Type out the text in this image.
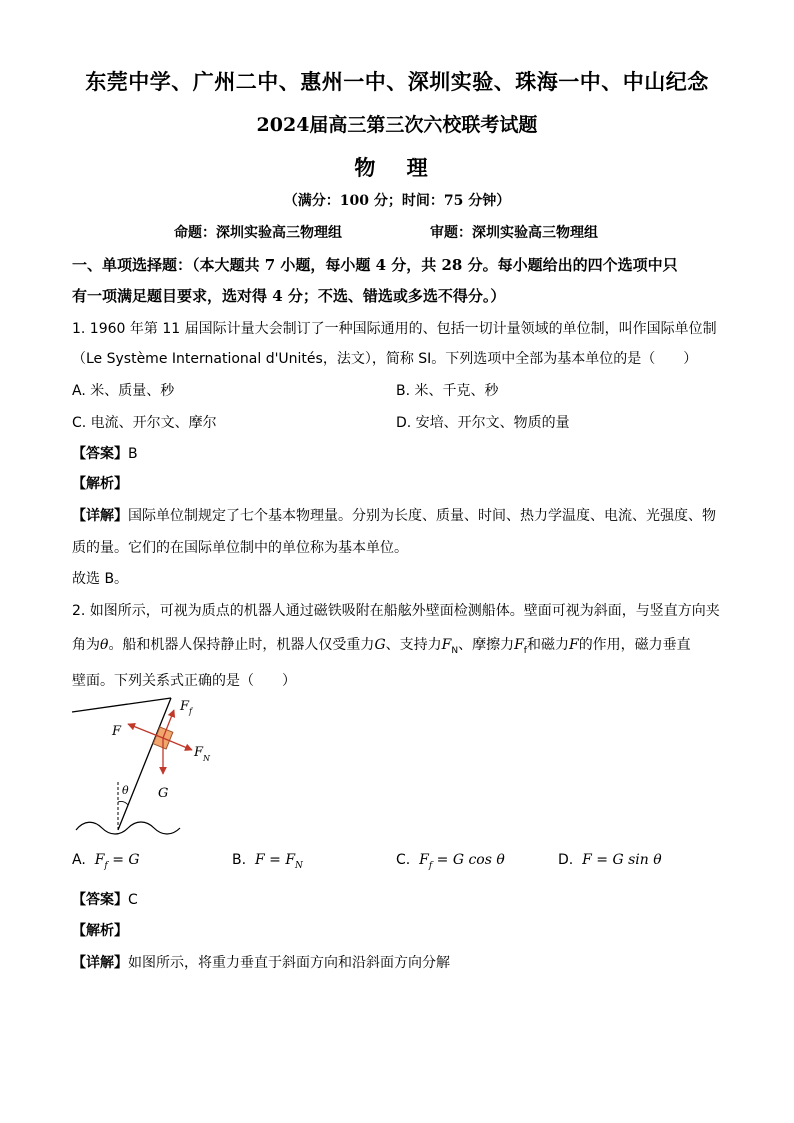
东莞中学、广州二中、惠州一中、深圳实验、珠海一中、中山纪念
2024届高三第三次六校联考试题
物 理
（满分：100 分；时间：75 分钟）
命题：深圳实验高三物理组	审题：深圳实验高三物理组
一、单项选择题：（本大题共 7 小题，每小题 4 分，共 28 分。每小题给出的四个选项中只
有一项满足题目要求，选对得 4 分；不选、错选或多选不得分。）
1. 1960 年第 11 届国际计量大会制订了一种国际通用的、包括一切计量领域的单位制，叫作国际单位制
（Le Système International d'Unités，法文），简称 SI。下列选项中全部为基本单位的是（　　）
A. 米、质量、秒	B. 米、千克、秒
C. 电流、开尔文、摩尔	D. 安培、开尔文、物质的量
【答案】B
【解析】
【详解】国际单位制规定了七个基本物理量。分别为长度、质量、时间、热力学温度、电流、光强度、物
质的量。它们的在国际单位制中的单位称为基本单位。
故选 B。
2. 如图所示，可视为质点的机器人通过磁铁吸附在船舷外壁面检测船体。壁面可视为斜面，与竖直方向夹
角为θ。船和机器人保持静止时，机器人仅受重力G、支持力$F_N$、摩擦力$F_f$和磁力F的作用，磁力垂直
壁面。下列关系式正确的是（　　）
θ
F f
F
F N
G
A. $F_f = G$	B. $F = F_N$	C. $F_f = G$ cos θ	D. F = G sin θ
【答案】C
【解析】
【详解】如图所示，将重力垂直于斜面方向和沿斜面方向分解
